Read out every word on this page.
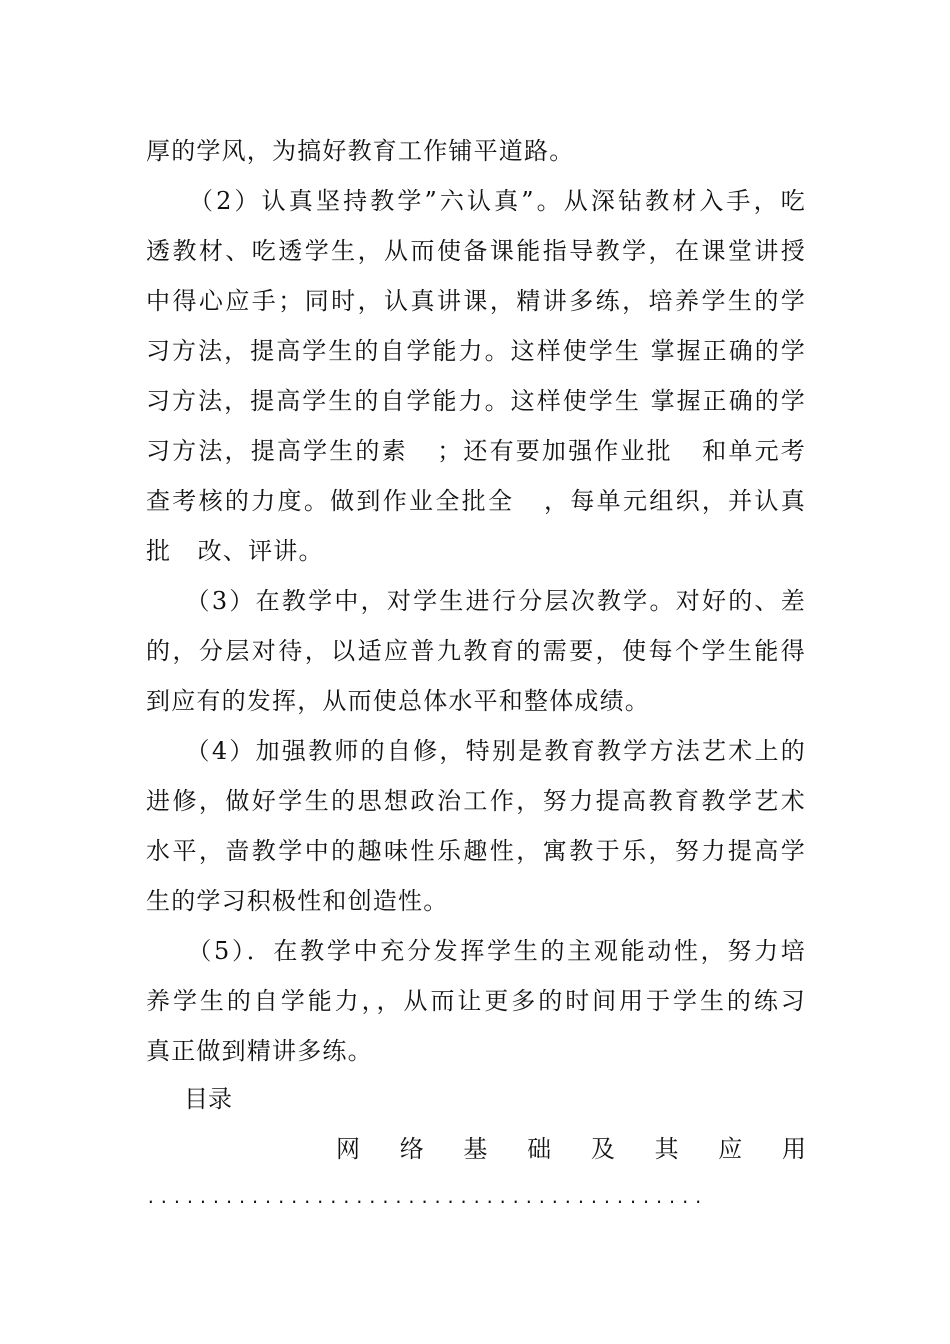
厚的学风，为搞好教育工作铺平道路。
（2）认真坚持教学”六认真”。从深钻教材入手，吃
透教材、吃透学生，从而使备课能指导教学，在课堂讲授
中得心应手；同时，认真讲课，精讲多练，培养学生的学
习方法，提高学生的自学能力。这样使学生 掌握正确的学
习方法，提高学生的自学能力。这样使学生 掌握正确的学
习方法，提高学生的素   ；还有要加强作业批   和单元考
查考核的力度。做到作业全批全   ，每单元组织，并认真
批   改、评讲。
（3）在教学中，对学生进行分层次教学。对好的、差
的，分层对待，以适应普九教育的需要，使每个学生能得
到应有的发挥，从而使总体水平和整体成绩。
（4）加强教师的自修，特别是教育教学方法艺术上的
进修，做好学生的思想政治工作，努力提高教育教学艺术
水平，啬教学中的趣味性乐趣性，寓教于乐，努力提高学
生的学习积极性和创造性。
（5）．在教学中充分发挥学生的主观能动性，努力培
养学生的自学能力，，从而让更多的时间用于学生的练习
真正做到精讲多练。
目录
网 络 基 础 及 其 应 用
...........................................
